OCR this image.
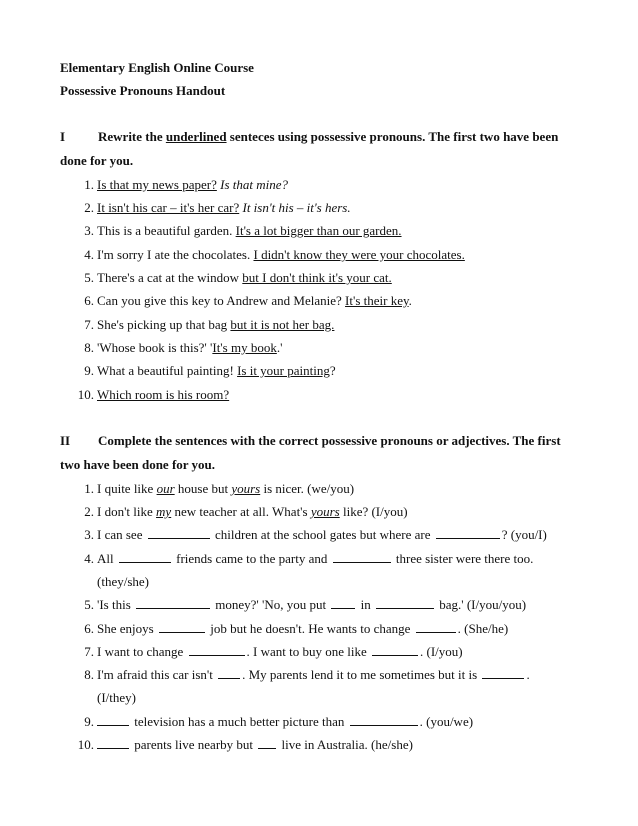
Elementary English Online Course
Possessive Pronouns Handout
I	Rewrite the underlined senteces using possessive pronouns. The first two have been
done for you.
1. Is that my news paper? Is that mine?
2. It isn't his car – it's her car? It isn't his – it's hers.
3. This is a beautiful garden. It's a lot bigger than our garden.
4. I'm sorry I ate the chocolates. I didn't know they were your chocolates.
5. There's a cat at the window but I don't think it's your cat.
6. Can you give this key to Andrew and Melanie? It's their key.
7. She's picking up that bag but it is not her bag.
8. 'Whose book is this?' 'It's my book.'
9. What a beautiful painting! Is it your painting?
10. Which room is his room?
II Complete the sentences with the correct possessive pronouns or adjectives. The first
two have been done for you.
1. I quite like our house but yours is nicer. (we/you)
2. I don't like my new teacher at all. What's yours like? (I/you)
3. I can see	children at the school gates but where are	? (you/I)
4. All	friends came to the party and	three sister were there too.
(they/she)
5. 'Is this	money?' 'No, you put  in	bag.' (I/you/you)
6. She enjoys	job but he doesn't. He wants to change	. (She/he)
7. I want to change	. I want to buy one like	. (I/you)
8. I'm afraid this car isn't . My parents lend it to me sometimes but it is	.
(I/they)
9.	television has a much better picture than	. (you/we)
10.	parents live nearby but  live in Australia. (he/she)
